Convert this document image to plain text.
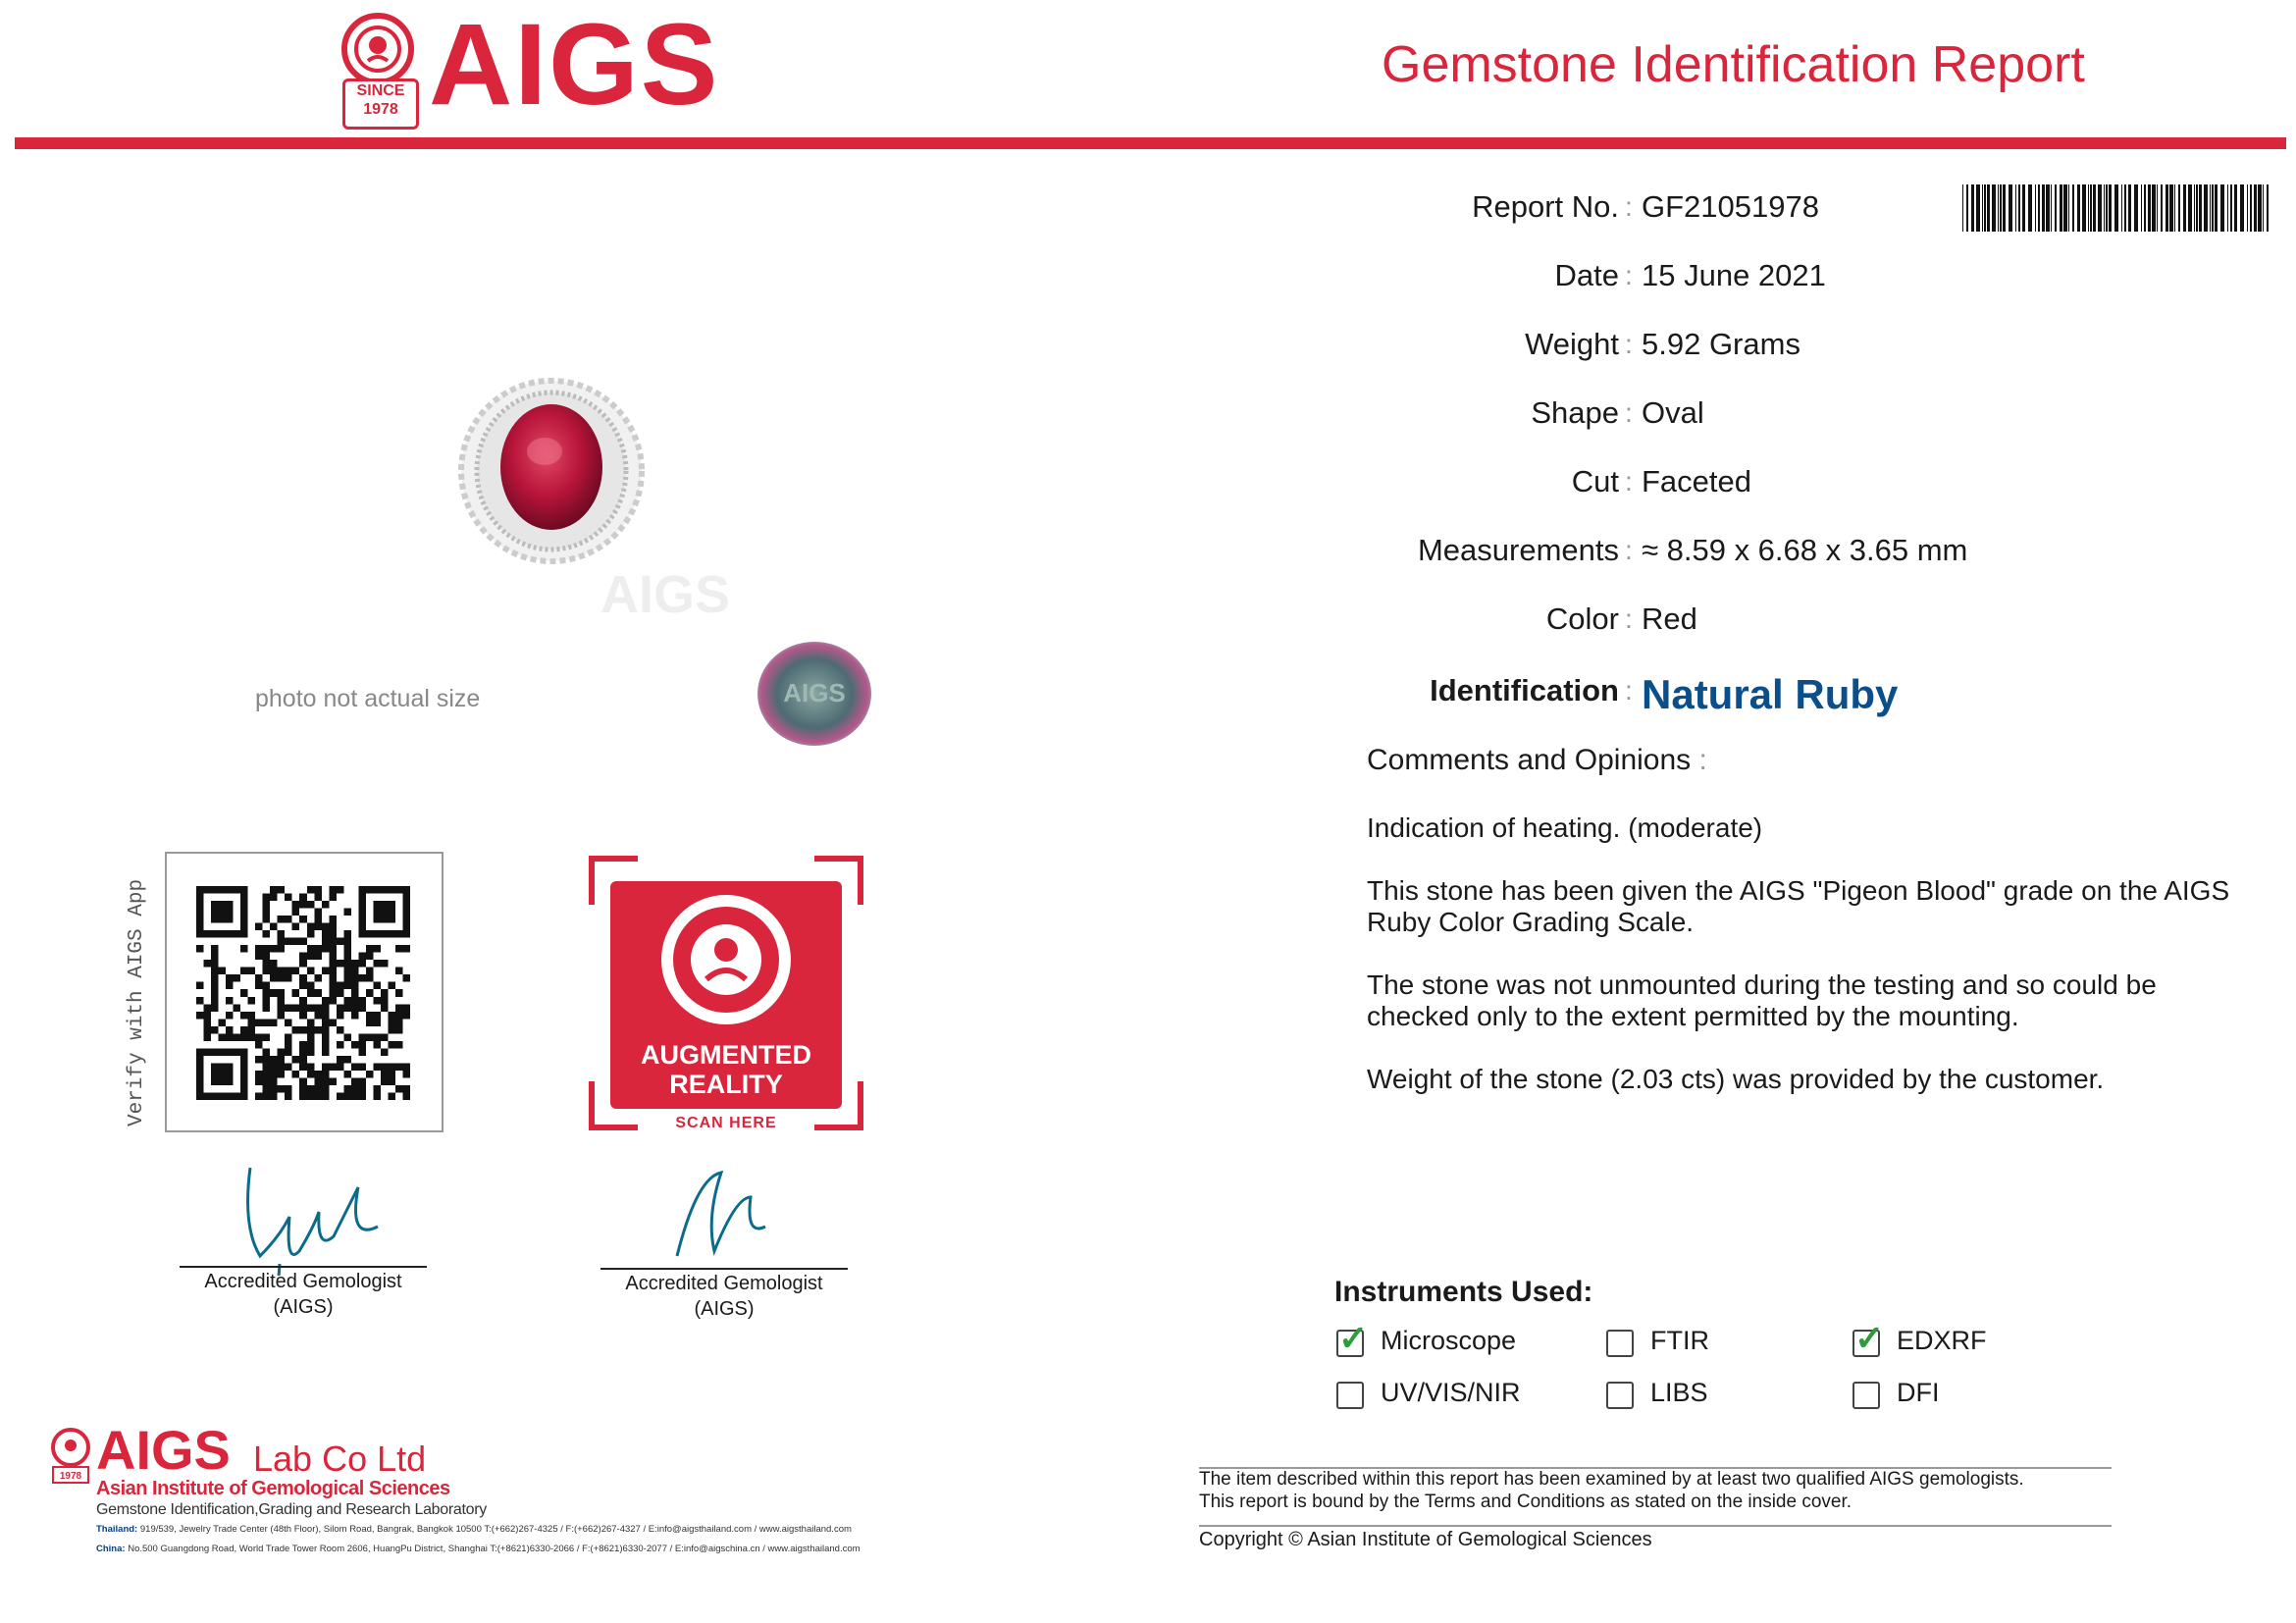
SINCE
1978 AIGS	Gemstone Identification Report
Report No. : GF21051978
Date : 15 June 2021
Weight : 5.92 Grams
Shape : Oval
Cut : Faceted
Measurements : ≈ 8.59 x 6.68 x 3.65 mm
Color : Red
Identification : Natural Ruby
Comments and Opinions :
Indication of heating. (moderate)
This stone has been given the AIGS "Pigeon Blood" grade on the AIGS Ruby Color Grading Scale.
The stone was not unmounted during the testing and so could be checked only to the extent permitted by the mounting.
Weight of the stone (2.03 cts) was provided by the customer.
Instruments Used:
✓ Microscope	FTIR	✓ EDXRF
UV/VIS/NIR	LIBS	DFI
The item described within this report has been examined by at least two qualified AIGS gemologists.
This report is bound by the Terms and Conditions as stated on the inside cover.
Copyright © Asian Institute of Gemological Sciences
AIGS
photo not actual size	AIGS
Verify with AIGS App	AUGMENTED
REALITY
SCAN HERE
Accredited Gemologist
(AIGS)
Accredited Gemologist
(AIGS)
1978 AIGS Lab Co Ltd
Asian Institute of Gemological Sciences
Gemstone Identification,Grading and Research Laboratory
Thailand: 919/539, Jewelry Trade Center (48th Floor), Silom Road, Bangrak, Bangkok 10500 T:(+662)267-4325 / F:(+662)267-4327 / E:info@aigsthailand.com / www.aigsthailand.com
China: No.500 Guangdong Road, World Trade Tower Room 2606, HuangPu District, Shanghai T:(+8621)6330-2066 / F:(+8621)6330-2077 / E:info@aigschina.cn / www.aigsthailand.com
